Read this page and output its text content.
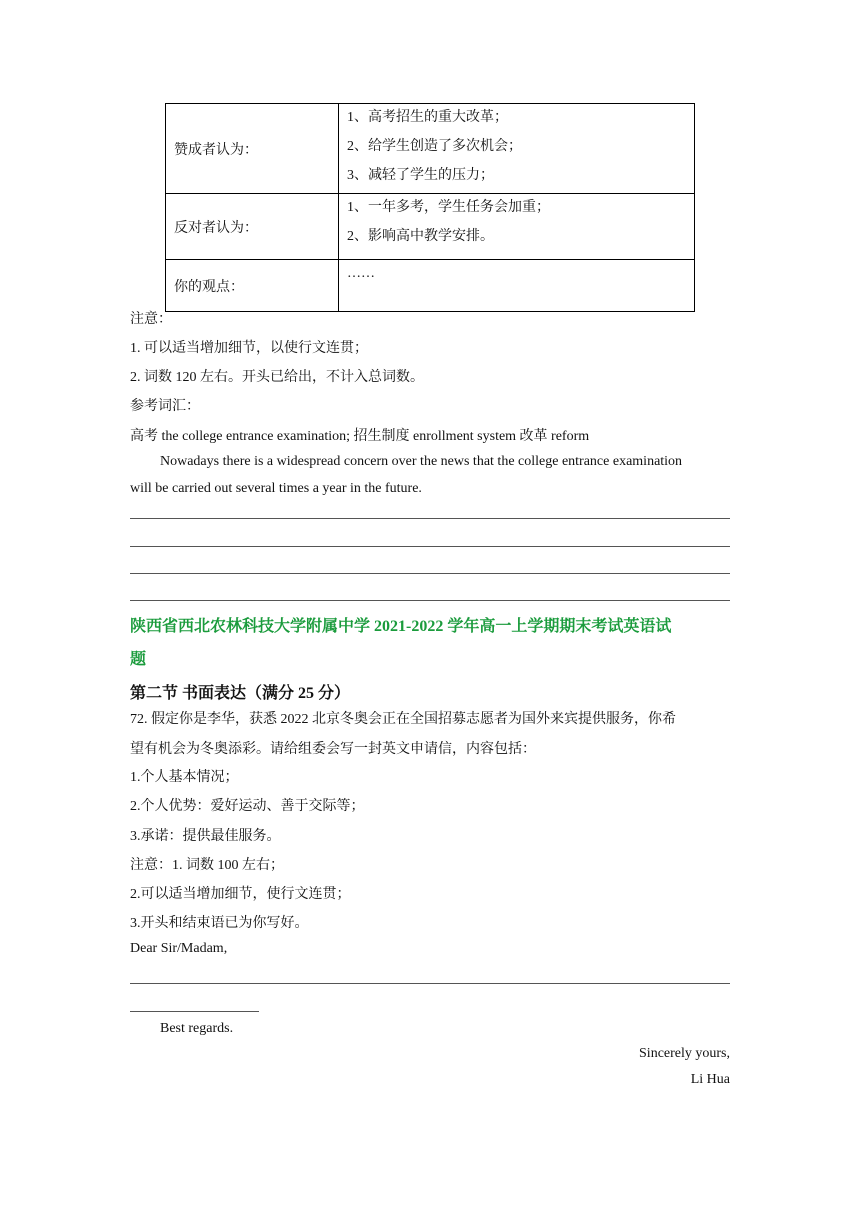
赞成者认为：	1、高考招生的重大改革；
2、给学生创造了多次机会；
3、减轻了学生的压力；

反对者认为：	1、一年多考，学生任务会加重；
2、影响高中教学安排。

你的观点：	……
注意：
1. 可以适当增加细节，以使行文连贯；
2. 词数 120 左右。开头已给出，不计入总词数。
参考词汇：
高考 the college entrance examination; 招生制度 enrollment system 改革 reform
Nowadays there is a widespread concern over the news that the college entrance examination
will be carried out several times a year in the future.
陕西省西北农林科技大学附属中学 2021-2022 学年高一上学期期末考试英语试
题
第二节 书面表达（满分 25 分）
72. 假定你是李华，获悉 2022 北京冬奥会正在全国招募志愿者为国外来宾提供服务，你希
望有机会为冬奥添彩。请给组委会写一封英文申请信，内容包括：
1.个人基本情况；
2.个人优势：爱好运动、善于交际等；
3.承诺：提供最佳服务。
注意：1. 词数 100 左右；
2.可以适当增加细节，使行文连贯；
3.开头和结束语已为你写好。
Dear Sir/Madam,
Best regards.
Sincerely yours,
Li Hua
